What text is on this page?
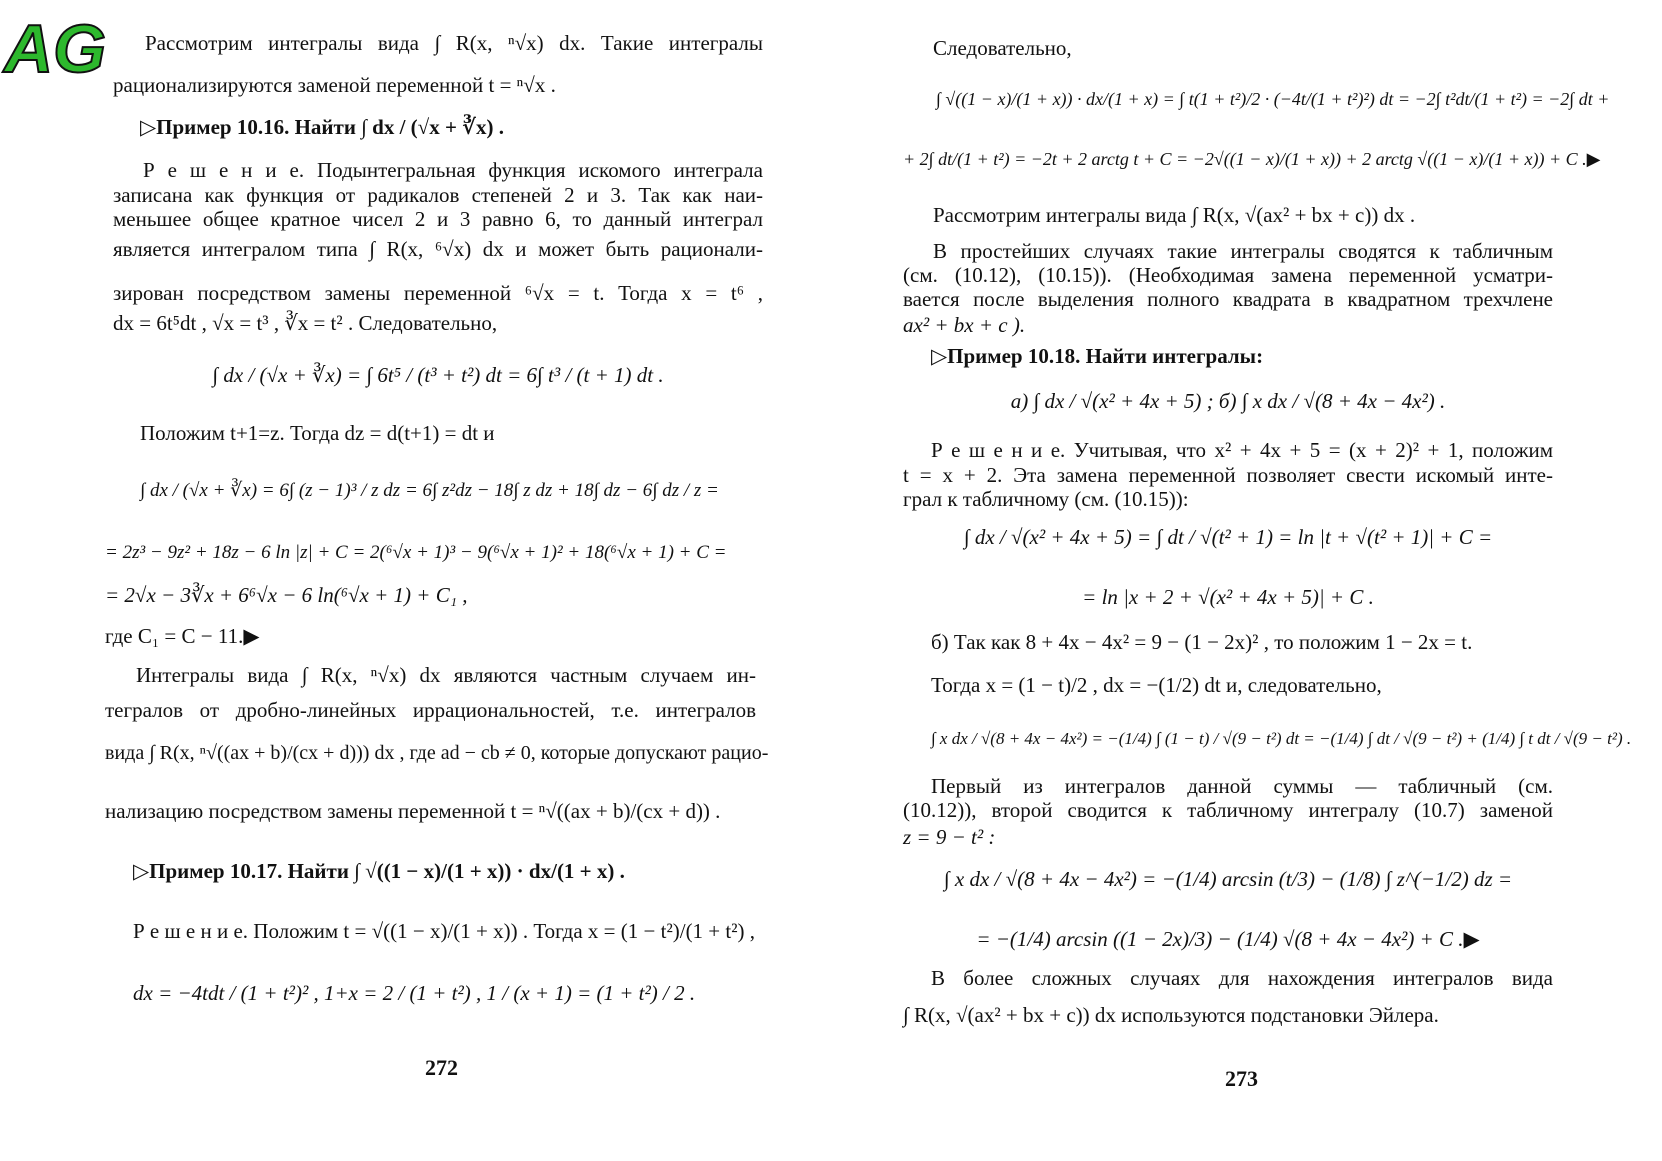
AG Рассмотрим интегралы вида ∫ R(x, ⁿ√x) dx. Такие интегралы
рационализируются заменой переменной t = ⁿ√x .
▷Пример 10.16. Найти ∫ dx / (√x + ∛x) .
Р е ш е н и е. Подынтегральная функция искомого интеграла
записана как функция от радикалов степеней 2 и 3. Так как наи-
меньшее общее кратное чисел 2 и 3 равно 6, то данный интеграл
является интегралом типа ∫ R(x, ⁶√x) dx и может быть рационали-
зирован посредством замены переменной ⁶√x = t. Тогда x = t⁶ ,
dx = 6t⁵dt , √x = t³ , ∛x = t² . Следовательно,
∫ dx / (√x + ∛x) = ∫ 6t⁵ / (t³ + t²) dt = 6∫ t³ / (t + 1) dt .
Положим t+1=z. Тогда dz = d(t+1) = dt и
∫ dx / (√x + ∛x) = 6∫ (z − 1)³ / z dz = 6∫ z²dz − 18∫ z dz + 18∫ dz − 6∫ dz / z =
= 2z³ − 9z² + 18z − 6 ln |z| + C = 2(⁶√x + 1)³ − 9(⁶√x + 1)² + 18(⁶√x + 1) + C =
= 2√x − 3∛x + 6⁶√x − 6 ln(⁶√x + 1) + C₁ ,
где C₁ = C − 11.▶
Интегралы вида ∫ R(x, ⁿ√x) dx являются частным случаем ин-
тегралов от дробно-линейных иррациональностей, т.е. интегралов
вида ∫ R(x, ⁿ√((ax + b)/(cx + d))) dx , где ad − cb ≠ 0, которые допускают рацио-
нализацию посредством замены переменной t = ⁿ√((ax + b)/(cx + d)) .
▷Пример 10.17. Найти ∫ √((1 − x)/(1 + x)) · dx/(1 + x) .
Р е ш е н и е. Положим t = √((1 − x)/(1 + x)) . Тогда x = (1 − t²)/(1 + t²) ,
dx = −4tdt / (1 + t²)² , 1+x = 2 / (1 + t²) , 1 / (x + 1) = (1 + t²) / 2 .
272
Следовательно,
∫ √((1 − x)/(1 + x)) · dx/(1 + x) = ∫ t(1 + t²)/2 · (−4t/(1 + t²)²) dt = −2∫ t²dt/(1 + t²) = −2∫ dt +
+ 2∫ dt/(1 + t²) = −2t + 2 arctg t + C = −2√((1 − x)/(1 + x)) + 2 arctg √((1 − x)/(1 + x)) + C .▶
Рассмотрим интегралы вида ∫ R(x, √(ax² + bx + c)) dx .
В простейших случаях такие интегралы сводятся к табличным
(см. (10.12), (10.15)). (Необходимая замена переменной усматри-
вается после выделения полного квадрата в квадратном трехчлене
ax² + bx + c ).
▷Пример 10.18. Найти интегралы:
а) ∫ dx / √(x² + 4x + 5) ; б) ∫ x dx / √(8 + 4x − 4x²) .
Р е ш е н и е. Учитывая, что x² + 4x + 5 = (x + 2)² + 1, положим
t = x + 2. Эта замена переменной позволяет свести искомый инте-
грал к табличному (см. (10.15)):
∫ dx / √(x² + 4x + 5) = ∫ dt / √(t² + 1) = ln |t + √(t² + 1)| + C =
= ln |x + 2 + √(x² + 4x + 5)| + C .
б) Так как 8 + 4x − 4x² = 9 − (1 − 2x)² , то положим 1 − 2x = t.
Тогда x = (1 − t)/2 , dx = −(1/2) dt и, следовательно,
∫ x dx / √(8 + 4x − 4x²) = −(1/4) ∫ (1 − t) / √(9 − t²) dt = −(1/4) ∫ dt / √(9 − t²) + (1/4) ∫ t dt / √(9 − t²) .
Первый из интегралов данной суммы — табличный (см.
(10.12)), второй сводится к табличному интегралу (10.7) заменой
z = 9 − t² :
∫ x dx / √(8 + 4x − 4x²) = −(1/4) arcsin (t/3) − (1/8) ∫ z^(−1/2) dz =
= −(1/4) arcsin ((1 − 2x)/3) − (1/4) √(8 + 4x − 4x²) + C .▶
В более сложных случаях для нахождения интегралов вида
∫ R(x, √(ax² + bx + c)) dx используются подстановки Эйлера.
273
